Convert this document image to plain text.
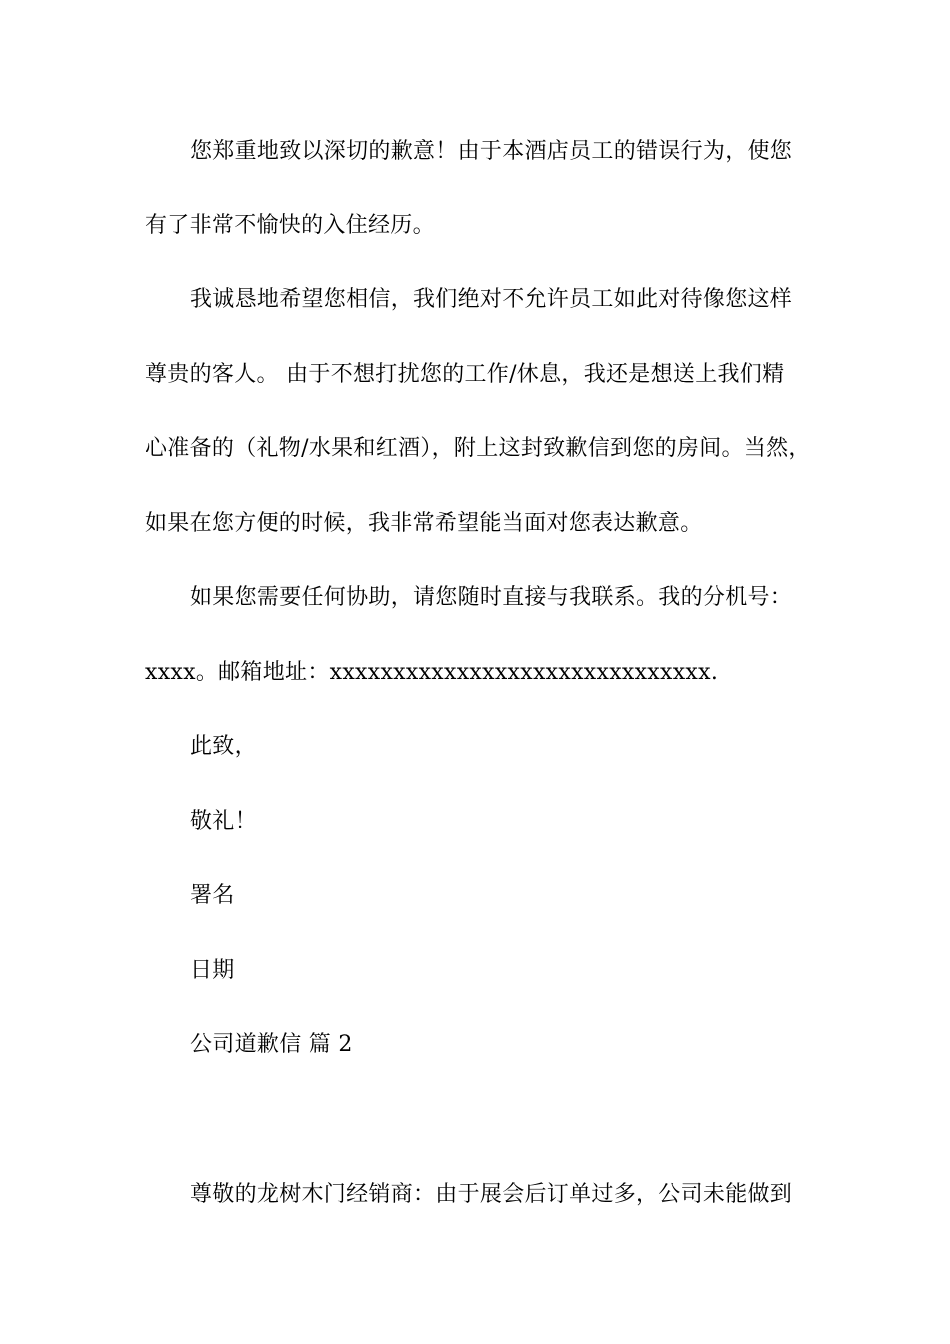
您郑重地致以深切的歉意！由于本酒店员工的错误行为，使您
有了非常不愉快的入住经历。
我诚恳地希望您相信，我们绝对不允许员工如此对待像您这样
尊贵的客人。 由于不想打扰您的工作/休息，我还是想送上我们精
心准备的（礼物/水果和红酒），附上这封致歉信到您的房间。当然，
如果在您方便的时候，我非常希望能当面对您表达歉意。
如果您需要任何协助，请您随时直接与我联系。我的分机号：
xxxx。邮箱地址：xxxxxxxxxxxxxxxxxxxxxxxxxxxxxx.
此致，
敬礼！
署名
日期
公司道歉信 篇 2
尊敬的龙树木门经销商：由于展会后订单过多，公司未能做到
